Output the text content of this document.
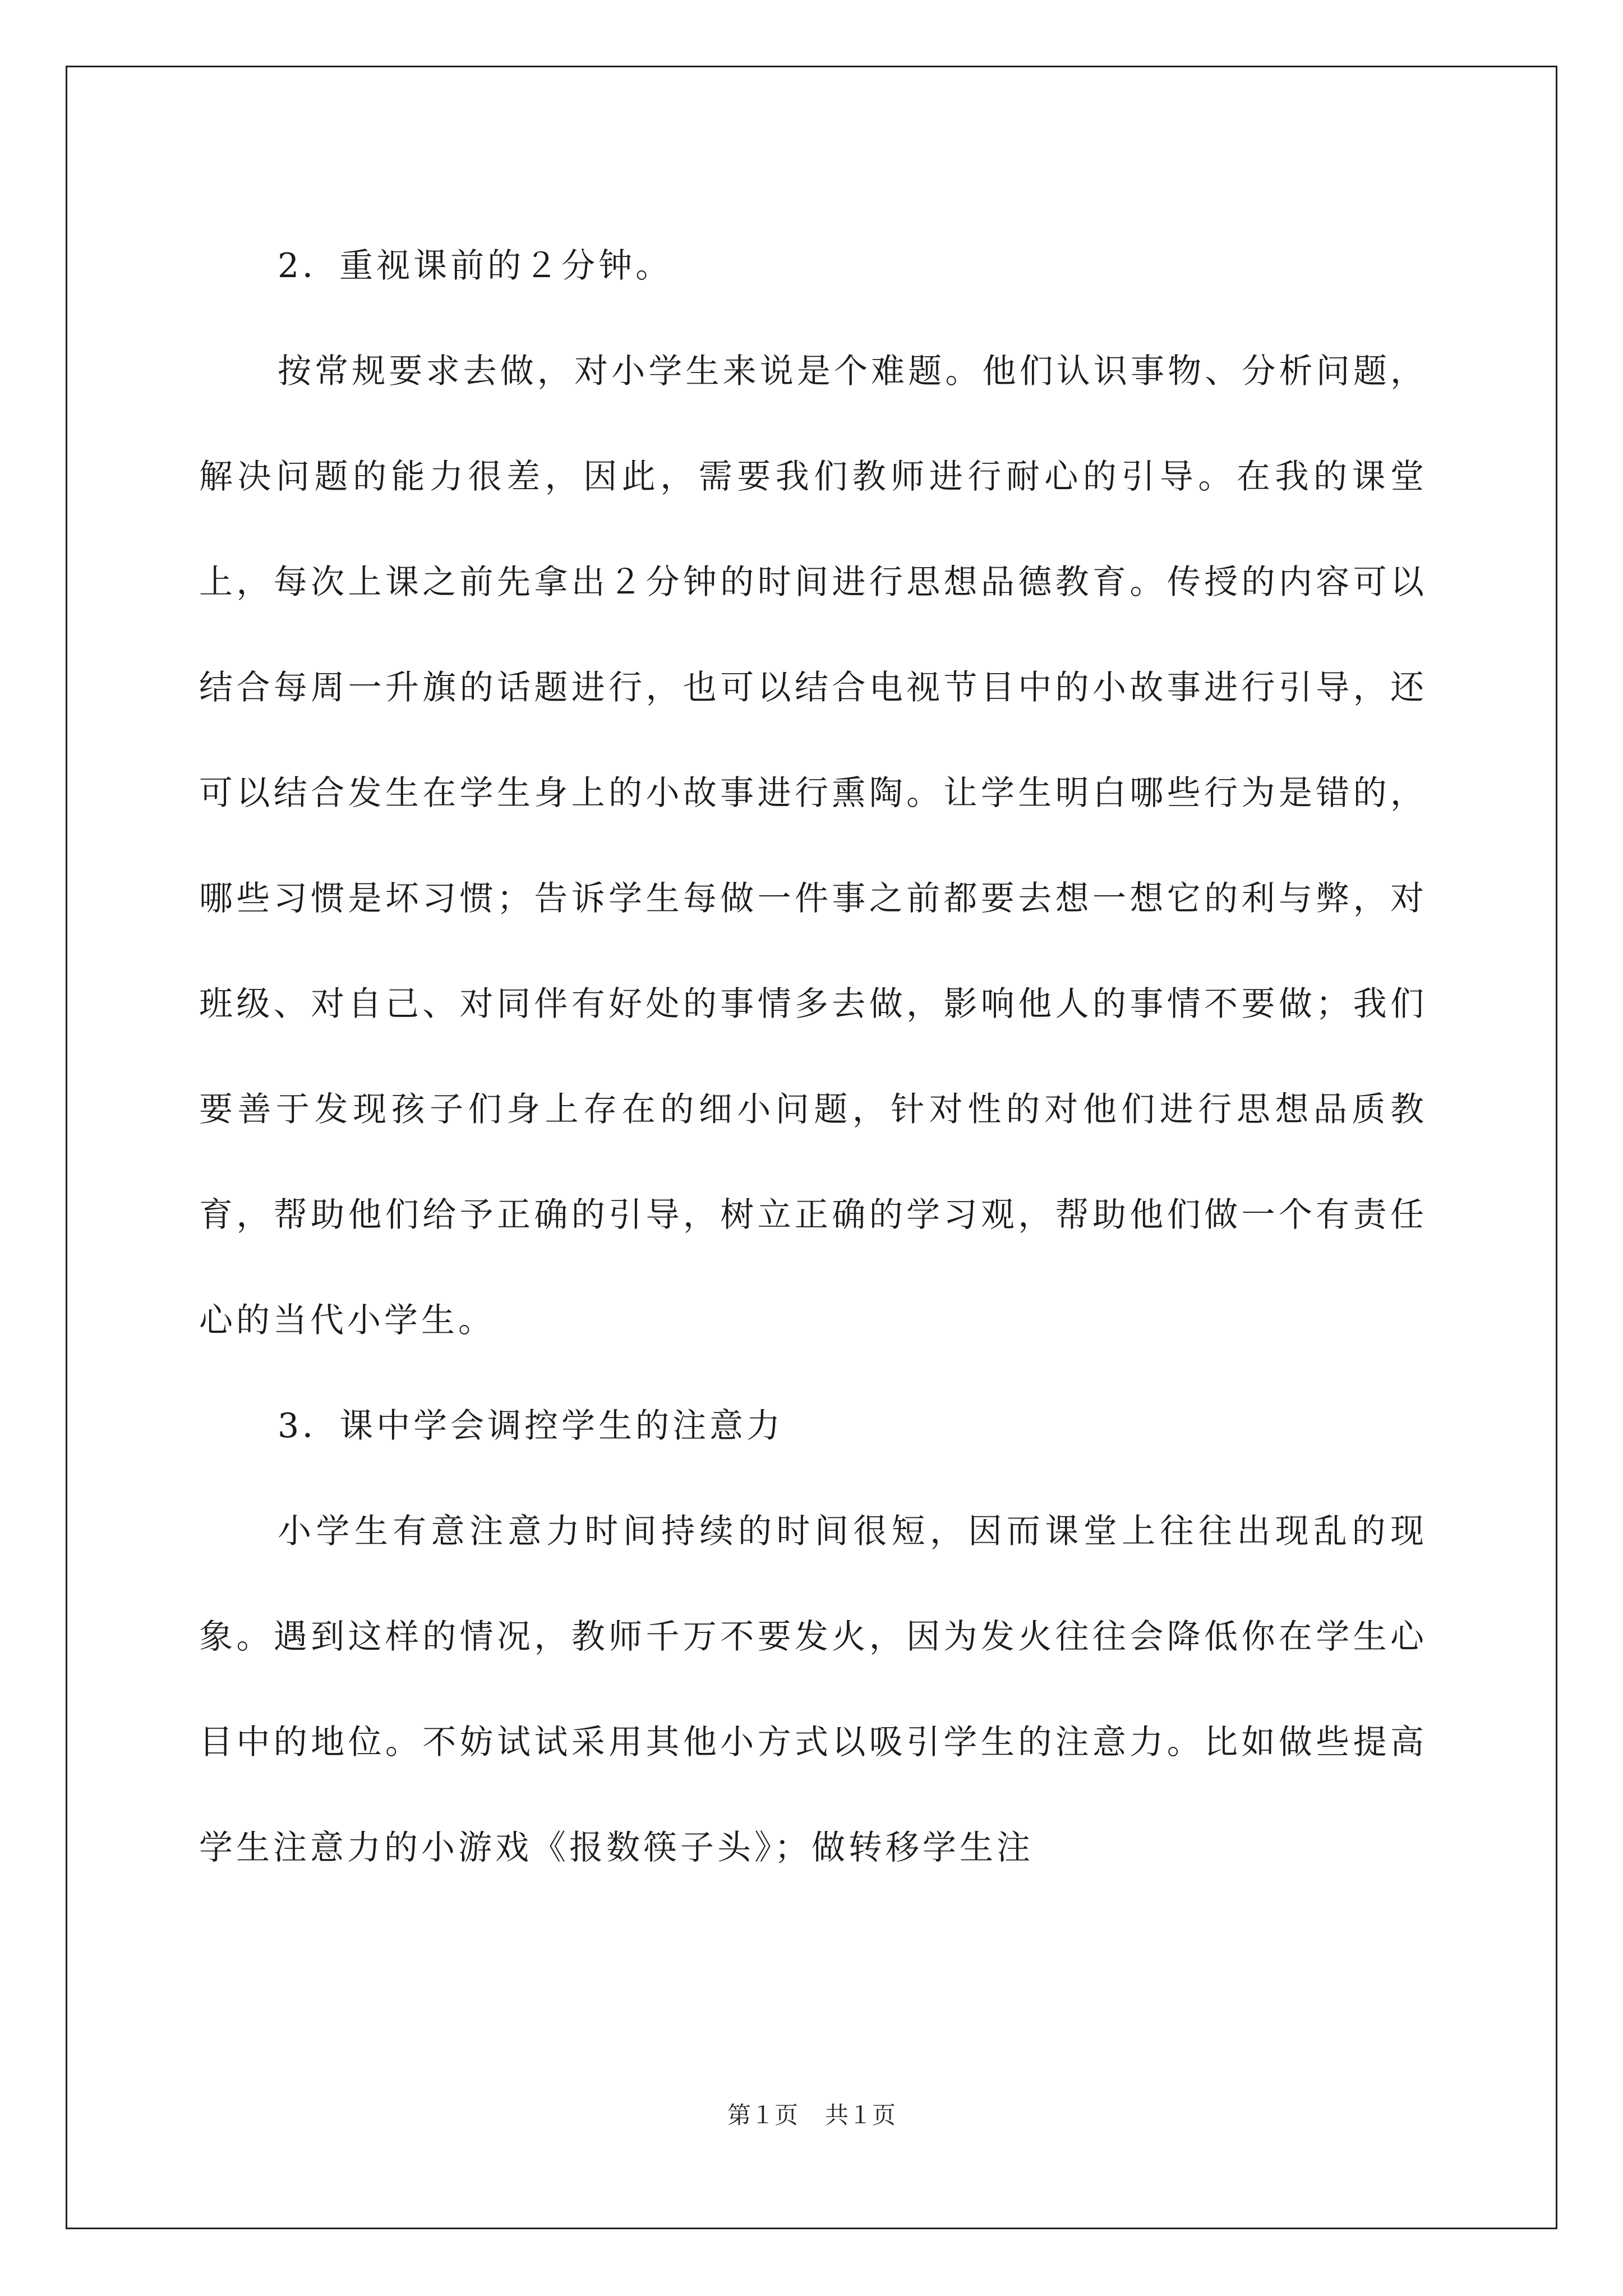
2．重视课前的２分钟。

按常规要求去做，对小学生来说是个难题。他们认识事物、分析问题，解决问题的能力很差，因此，需要我们教师进行耐心的引导。在我的课堂上，每次上课之前先拿出２分钟的时间进行思想品德教育。传授的内容可以结合每周一升旗的话题进行，也可以结合电视节目中的小故事进行引导，还可以结合发生在学生身上的小故事进行熏陶。让学生明白哪些行为是错的，哪些习惯是坏习惯；告诉学生每做一件事之前都要去想一想它的利与弊，对班级、对自己、对同伴有好处的事情多去做，影响他人的事情不要做；我们要善于发现孩子们身上存在的细小问题，针对性的对他们进行思想品质教育，帮助他们给予正确的引导，树立正确的学习观，帮助他们做一个有责任心的当代小学生。

3．课中学会调控学生的注意力

小学生有意注意力时间持续的时间很短，因而课堂上往往出现乱的现象。遇到这样的情况，教师千万不要发火，因为发火往往会降低你在学生心目中的地位。不妨试试采用其他小方式以吸引学生的注意力。比如做些提高学生注意力的小游戏《报数筷子头》；做转移学生注

第１页 共１页
